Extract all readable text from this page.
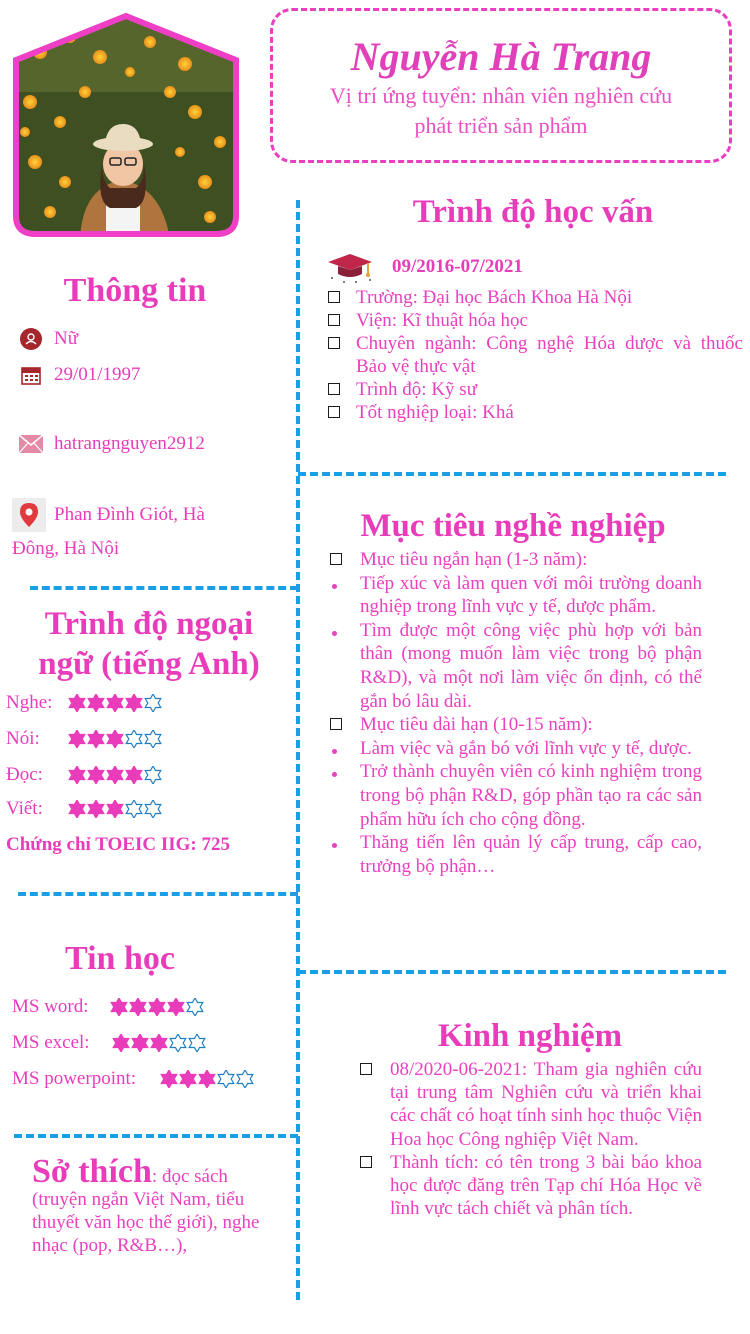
Nguyễn Hà Trang
Vị trí ứng tuyển: nhân viên nghiên cứu
phát triển sản phẩm
Thông tin
Nữ
29/01/1997
hatrangnguyen2912
Phan Đình Giót, Hà
Đông, Hà Nội
Trình độ ngoại
ngữ (tiếng Anh)
Nghe:
Nói:
Đọc:
Viết:
Chứng chỉ TOEIC IIG: 725
Tin học
MS word:
MS excel:
MS powerpoint:
Sở thích: đọc sách (truyện ngắn Việt Nam, tiểu thuyết văn học thế giới), nghe nhạc (pop, R&B…),
Trình độ học vấn
09/2016-07/2021
Trường: Đại học Bách Khoa Hà Nội
Viện: Kĩ thuật hóa học
Chuyên ngành: Công nghệ Hóa dược và thuốc Bảo vệ thực vật
Trình độ: Kỹ sư
Tốt nghiệp loại: Khá
Mục tiêu nghề nghiệp
Mục tiêu ngắn hạn (1-3 năm):
Tiếp xúc và làm quen với môi trường doanh nghiệp trong lĩnh vực y tế, dược phẩm.
Tìm được một công việc phù hợp với bản thân (mong muốn làm việc trong bộ phận R&D), và một nơi làm việc ổn định, có thể gắn bó lâu dài.
Mục tiêu dài hạn (10-15 năm):
Làm việc và gắn bó với lĩnh vực y tế, dược.
Trở thành chuyên viên có kinh nghiệm trong trong bộ phận R&D, góp phần tạo ra các sản phẩm hữu ích cho cộng đồng.
Thăng tiến lên quản lý cấp trung, cấp cao, trưởng bộ phận…
Kinh nghiệm
08/2020-06-2021: Tham gia nghiên cứu tại trung tâm Nghiên cứu và triển khai các chất có hoạt tính sinh học thuộc Viện Hoa học Công nghiệp Việt Nam.
Thành tích: có tên trong 3 bài báo khoa học được đăng trên Tạp chí Hóa Học về lĩnh vực tách chiết và phân tích.
